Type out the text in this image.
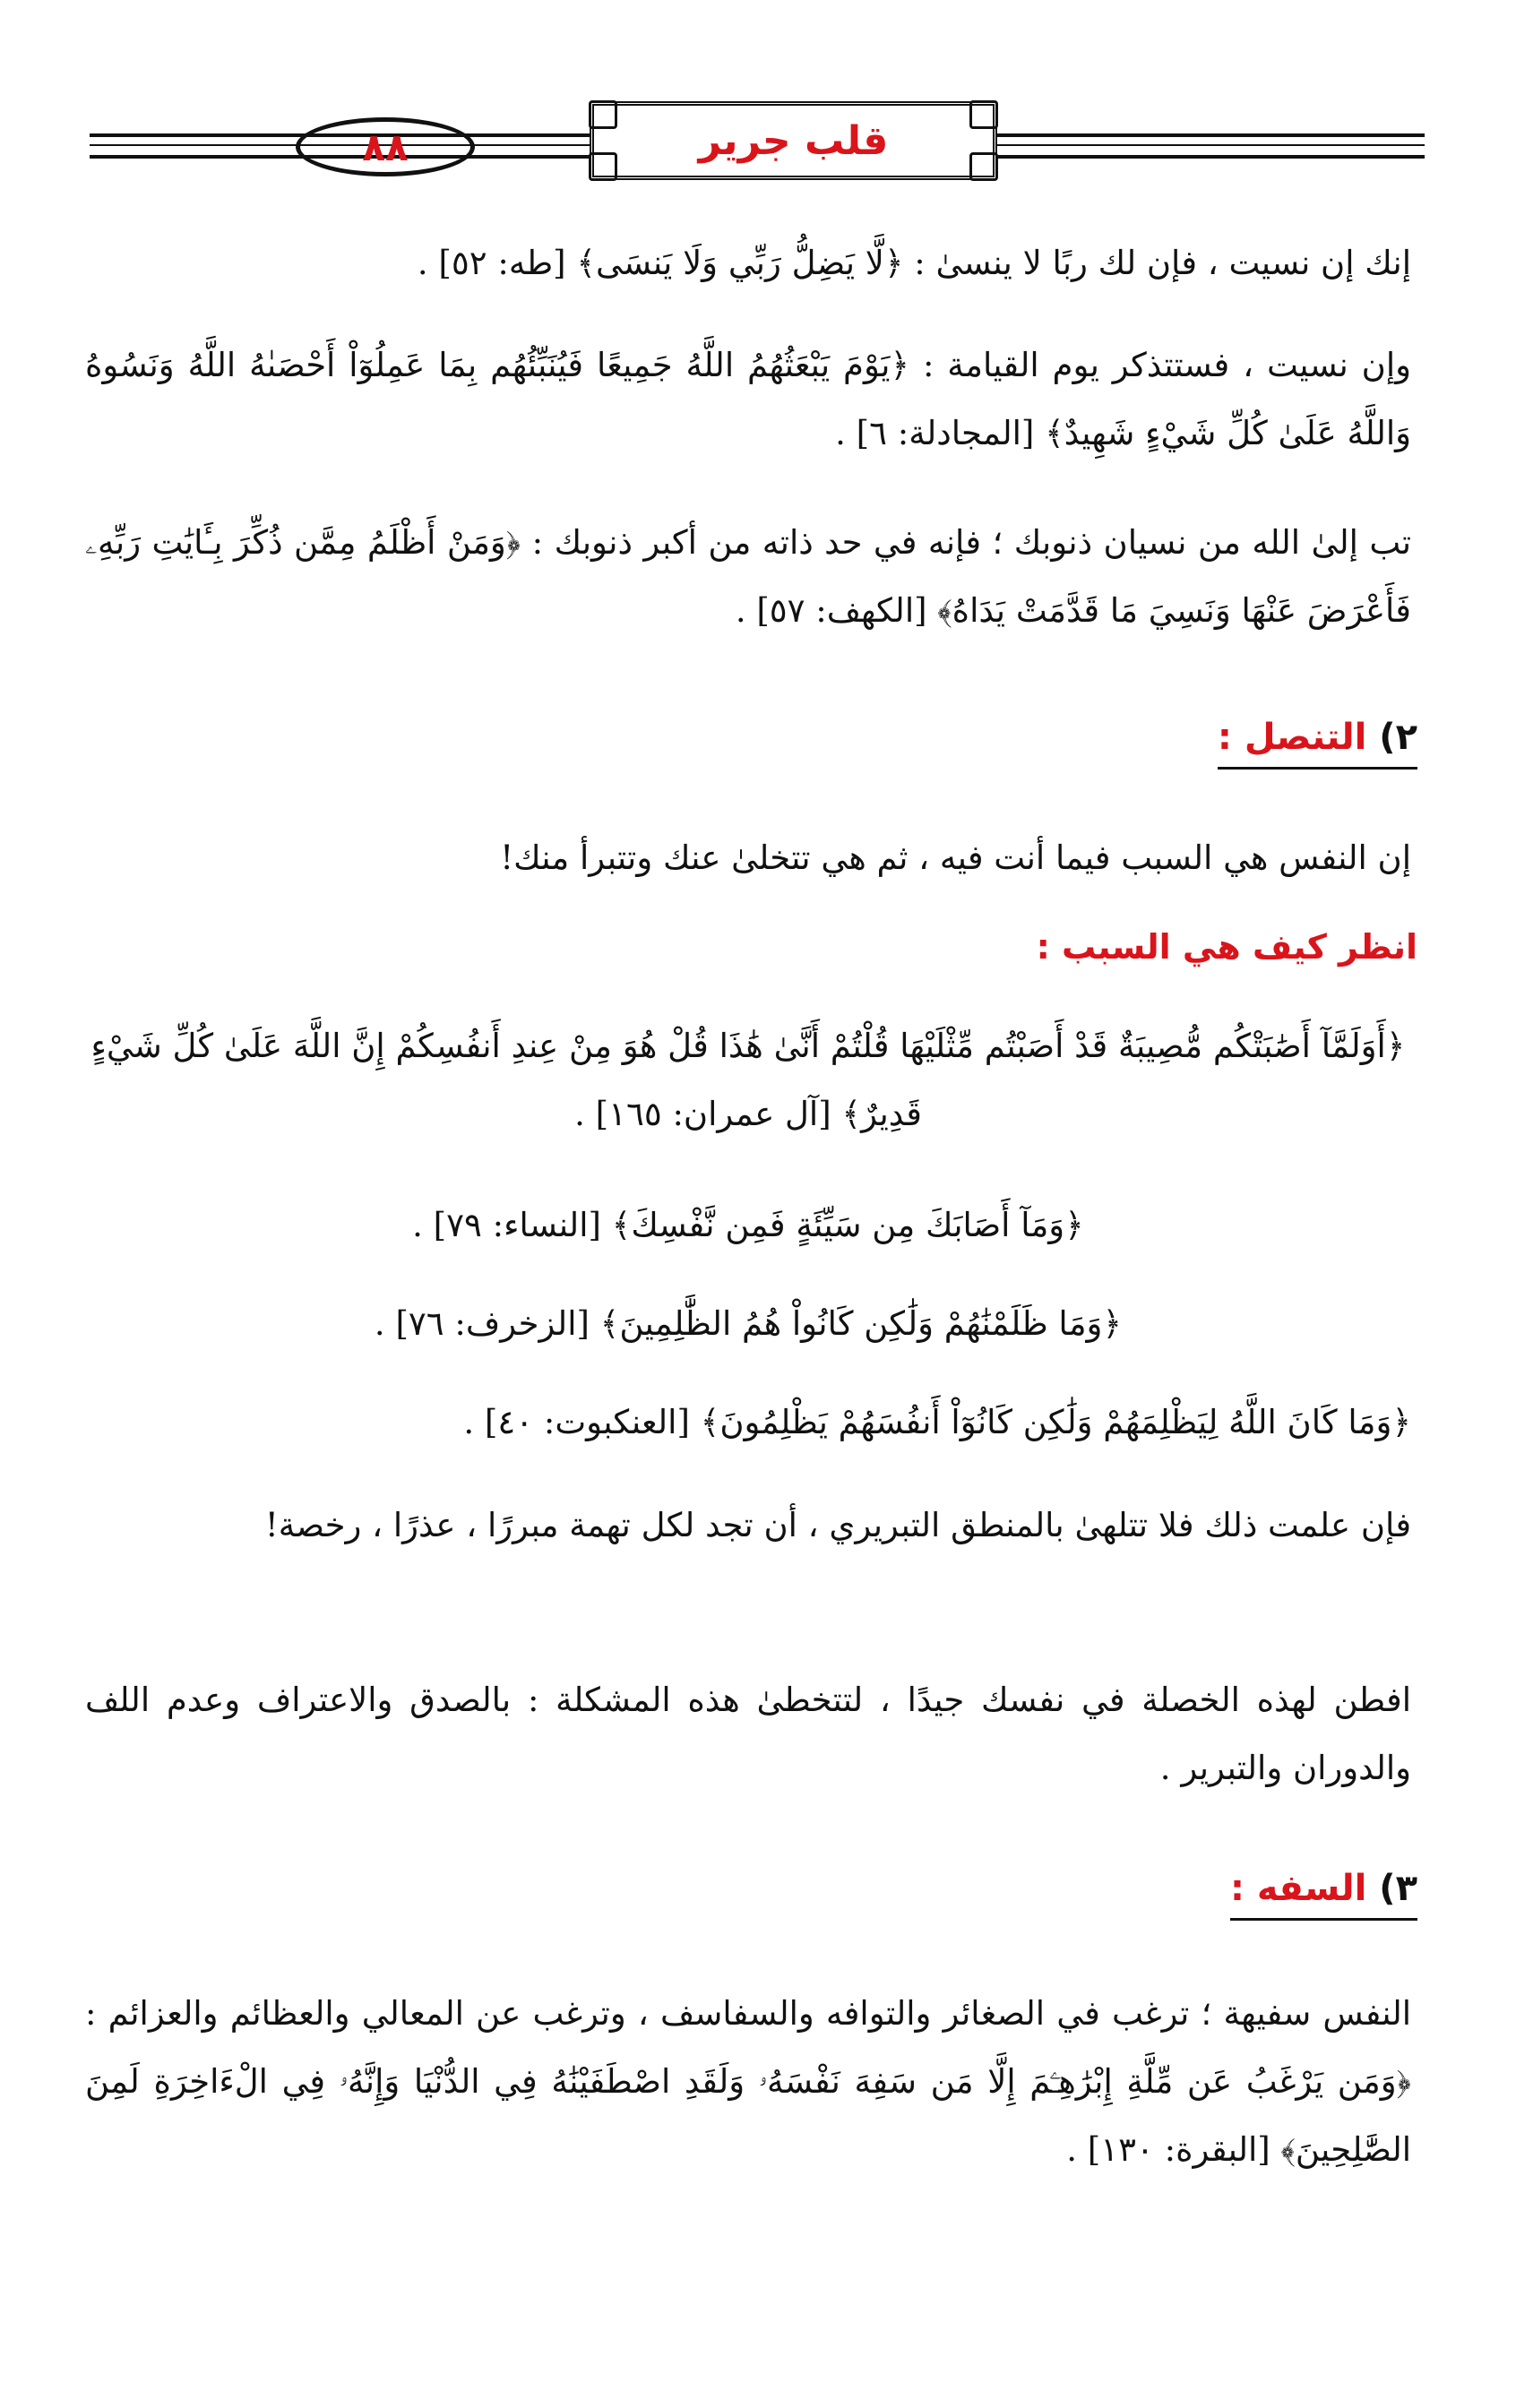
٨٨	قلب جرير
إنك إن نسيت ، فإن لك ربًا لا ينسىٰ : ﴿لَّا يَضِلُّ رَبِّي وَلَا يَنسَى﴾ [طه: ٥٢] .
وإن نسيت ، فستتذكر يوم القيامة : ﴿يَوْمَ يَبْعَثُهُمُ اللَّهُ جَمِيعًا فَيُنَبِّئُهُم بِمَا عَمِلُوٓاْ أَحْصَىٰهُ اللَّهُ وَنَسُوهُ وَاللَّهُ عَلَىٰ كُلِّ شَيْءٍ شَهِيدٌ﴾ [المجادلة: ٦] .
تب إلىٰ الله من نسيان ذنوبك ؛ فإنه في حد ذاته من أكبر ذنوبك : ﴿وَمَنْ أَظْلَمُ مِمَّن ذُكِّرَ بِـَٔايَٰتِ رَبِّهِۦ فَأَعْرَضَ عَنْهَا وَنَسِيَ مَا قَدَّمَتْ يَدَاهُ﴾ [الكهف: ٥٧] .
٢) التنصل :
إن النفس هي السبب فيما أنت فيه ، ثم هي تتخلىٰ عنك وتتبرأ منك!
انظر كيف هي السبب :
﴿أَوَلَمَّآ أَصَٰبَتْكُم مُّصِيبَةٌ قَدْ أَصَبْتُم مِّثْلَيْهَا قُلْتُمْ أَنَّىٰ هَٰذَا قُلْ هُوَ مِنْ عِندِ أَنفُسِكُمْ إِنَّ اللَّهَ عَلَىٰ كُلِّ شَيْءٍ قَدِيرٌ﴾ [آل عمران: ١٦٥] .
﴿وَمَآ أَصَابَكَ مِن سَيِّئَةٍ فَمِن نَّفْسِكَ﴾ [النساء: ٧٩] .
﴿وَمَا ظَلَمْنَٰهُمْ وَلَٰكِن كَانُواْ هُمُ الظَّٰلِمِينَ﴾ [الزخرف: ٧٦] .
﴿وَمَا كَانَ اللَّهُ لِيَظْلِمَهُمْ وَلَٰكِن كَانُوٓاْ أَنفُسَهُمْ يَظْلِمُونَ﴾ [العنكبوت: ٤٠] .
فإن علمت ذلك فلا تتلهىٰ بالمنطق التبريري ، أن تجد لكل تهمة مبررًا ، عذرًا ، رخصة!
افطن لهذه الخصلة في نفسك جيدًا ، لتتخطىٰ هذه المشكلة : بالصدق والاعتراف وعدم اللف والدوران والتبرير .
٣) السفه :
النفس سفيهة ؛ ترغب في الصغائر والتوافه والسفاسف ، وترغب عن المعالي والعظائم والعزائم : ﴿وَمَن يَرْغَبُ عَن مِّلَّةِ إِبْرَٰهِـۧمَ إِلَّا مَن سَفِهَ نَفْسَهُۥ وَلَقَدِ اصْطَفَيْنَٰهُ فِي الدُّنْيَا وَإِنَّهُۥ فِي الْءَاخِرَةِ لَمِنَ الصَّٰلِحِينَ﴾ [البقرة: ١٣٠] .
